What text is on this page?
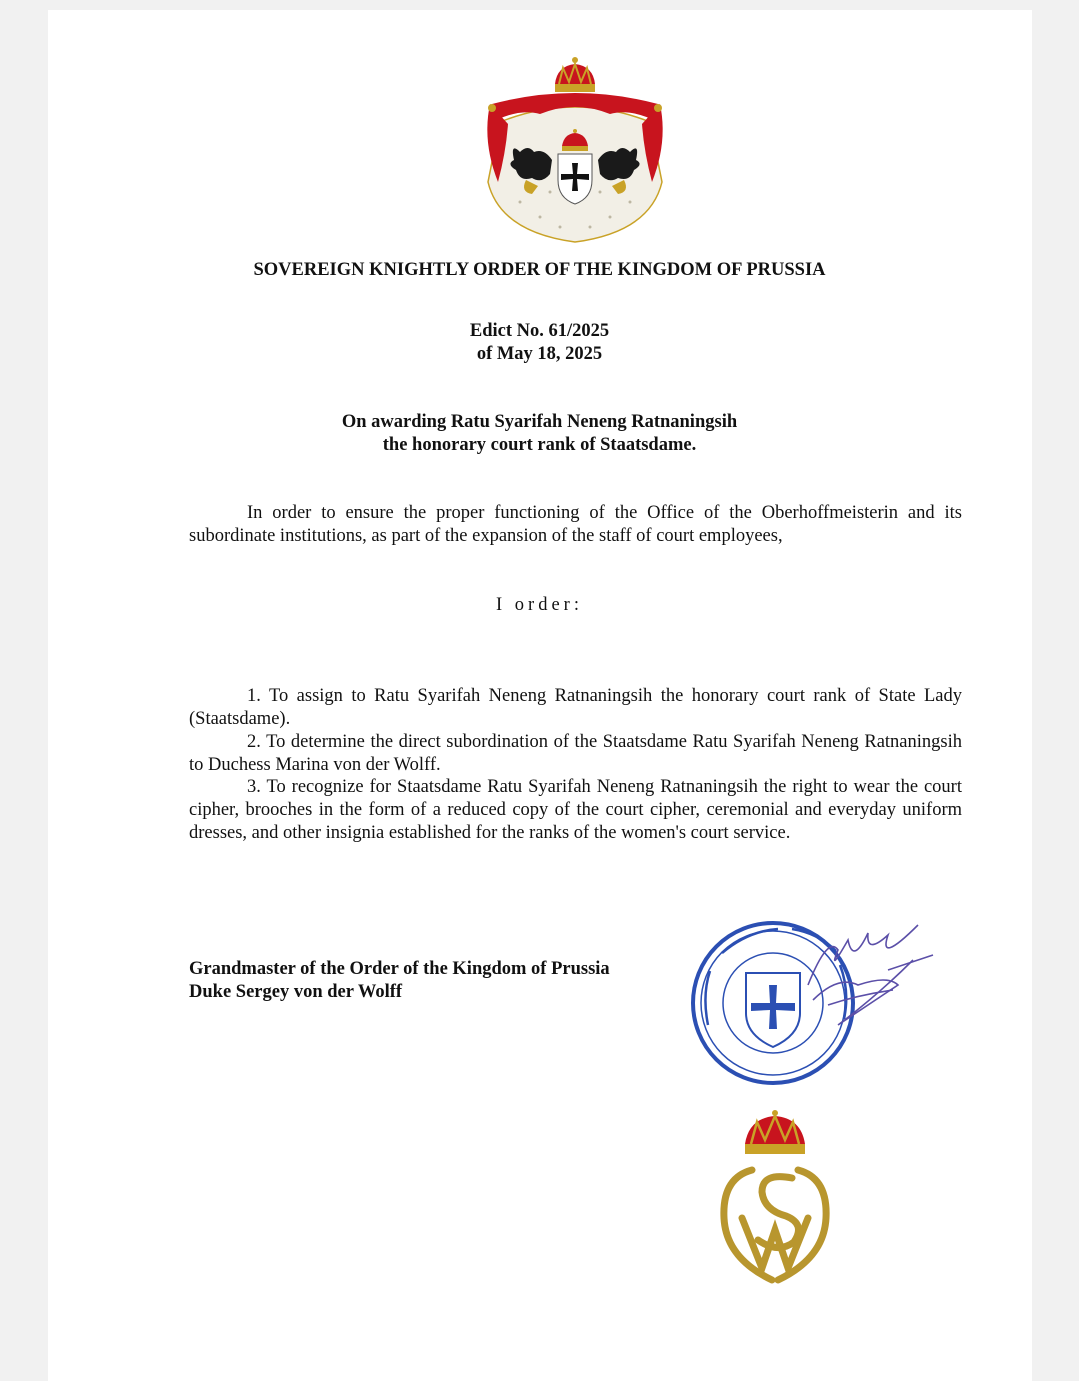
SOVEREIGN KNIGHTLY ORDER OF THE KINGDOM OF PRUSSIA
Edict No. 61/2025
of May 18, 2025
On awarding Ratu Syarifah Neneng Ratnaningsih
the honorary court rank of Staatsdame.
In order to ensure the proper functioning of the Office of the Oberhoffmeisterin and its subordinate institutions, as part of the expansion of the staff of court employees,
I order:
1. To assign to Ratu Syarifah Neneng Ratnaningsih the honorary court rank of State Lady (Staatsdame).
2. To determine the direct subordination of the Staatsdame Ratu Syarifah Neneng Ratnaningsih to Duchess Marina von der Wolff.
3. To recognize for Staatsdame Ratu Syarifah Neneng Ratnaningsih the right to wear the court cipher, brooches in the form of a reduced copy of the court cipher, ceremonial and everyday uniform dresses, and other insignia established for the ranks of the women's court service.
Grandmaster of the Order of the Kingdom of Prussia
Duke Sergey von der Wolff
